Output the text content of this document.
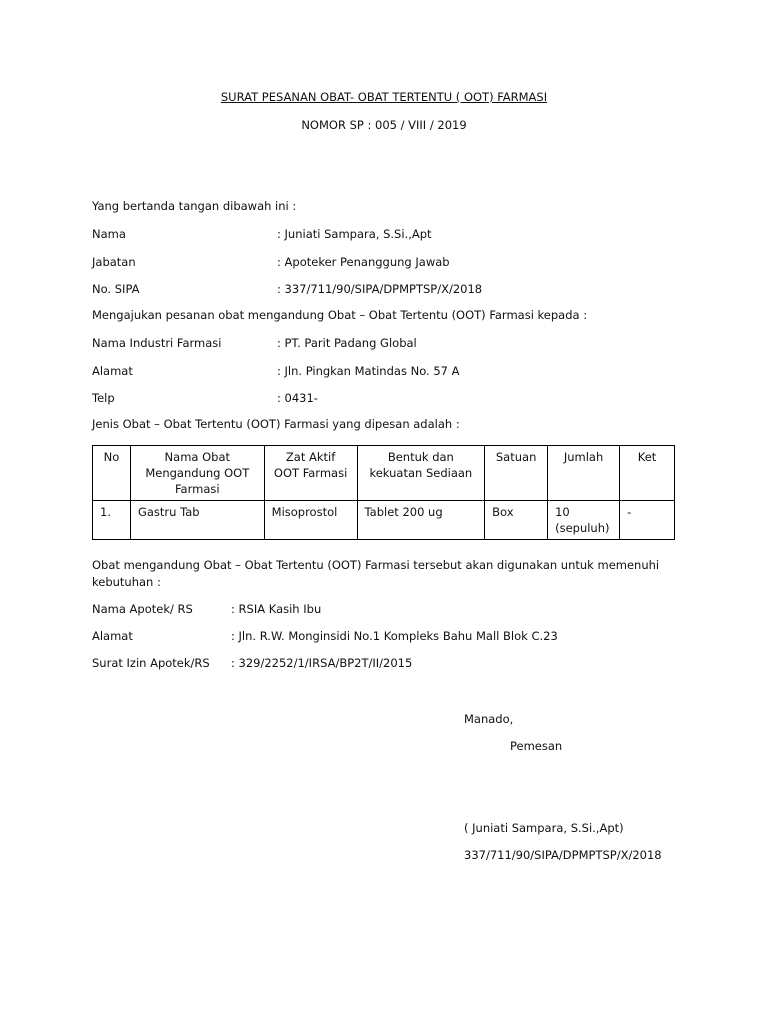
SURAT PESANAN OBAT- OBAT TERTENTU ( OOT) FARMASI
NOMOR SP : 005 / VIII / 2019
Yang bertanda tangan dibawah ini :
Nama	: Juniati Sampara, S.Si.,Apt
Jabatan	: Apoteker Penanggung Jawab
No. SIPA	: 337/711/90/SIPA/DPMPTSP/X/2018
Mengajukan pesanan obat mengandung Obat – Obat Tertentu (OOT) Farmasi kepada :
Nama Industri Farmasi	: PT. Parit Padang Global
Alamat	: Jln. Pingkan Matindas No. 57 A
Telp	: 0431-
Jenis Obat – Obat Tertentu (OOT) Farmasi yang dipesan adalah :
No	Nama Obat Mengandung OOT Farmasi	Zat Aktif OOT Farmasi	Bentuk dan kekuatan Sediaan	Satuan	Jumlah	Ket
1.	Gastru Tab	Misoprostol	Tablet 200 ug	Box	10 (sepuluh)	-
Obat mengandung Obat – Obat Tertentu (OOT) Farmasi tersebut akan digunakan untuk memenuhi kebutuhan :
Nama Apotek/ RS	: RSIA Kasih Ibu
Alamat	: Jln. R.W. Monginsidi No.1 Kompleks Bahu Mall Blok C.23
Surat Izin Apotek/RS : 329/2252/1/IRSA/BP2T/II/2015
Manado,
Pemesan
( Juniati Sampara, S.Si.,Apt)
337/711/90/SIPA/DPMPTSP/X/2018
